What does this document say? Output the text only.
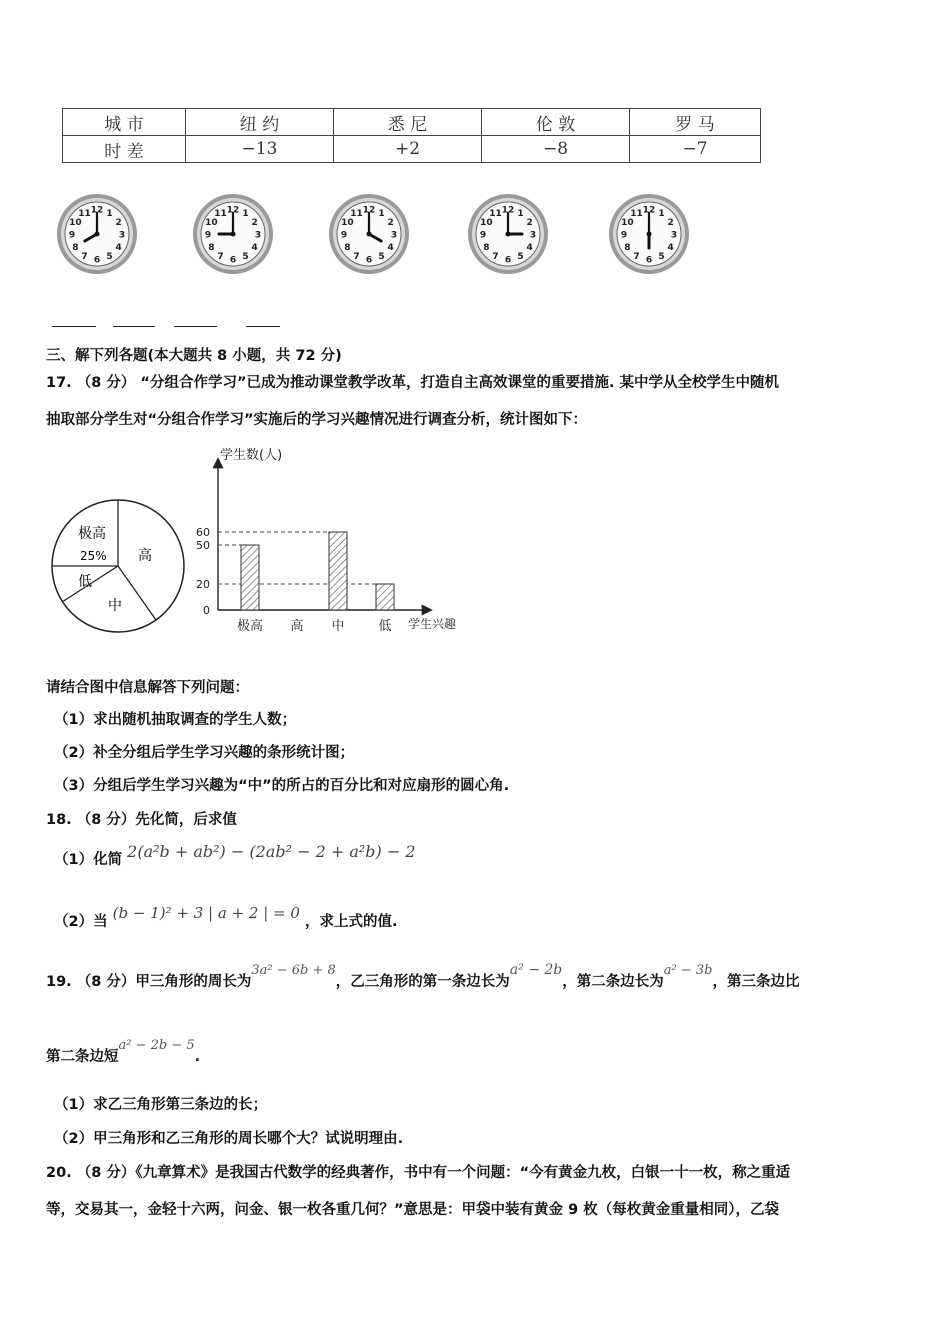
城 市	纽 约	悉 尼	伦 敦	罗 马
时 差	−13	+2	−8	−7
12 1
2
3
4
5
6
7
8
9
10
11	12 1
2
3
4
5
6
7
8
9
10
11	12 1
2
3
4
5
6
7
8
9
10
11	12 1
2
3
4
5
6
7
8
9
10
11	12 1
2
3
4
5
6
7
8
9
10
11
三、解下列各题(本大题共 8 小题，共 72 分)
17. （8 分） “分组合作学习”已成为推动课堂教学改革，打造自主高效课堂的重要措施. 某中学从全校学生中随机
抽取部分学生对“分组合作学习”实施后的学习兴趣情况进行调查分析，统计图如下：
极高
25% 高
低
中
学生数(人)
学生兴趣
0
20
50
60
极高 高 中	低
请结合图中信息解答下列问题：
（1）求出随机抽取调查的学生人数；
（2）补全分组后学生学习兴趣的条形统计图；
（3）分组后学生学习兴趣为“中”的所占的百分比和对应扇形的圆心角.
18. （8 分）先化简，后求值
（1）化简 2(a²b + ab²) − (2ab² − 2 + a²b) − 2
（2）当 (b − 1)² + 3 | a + 2 | = 0 ，求上式的值.
19. （8 分）甲三角形的周长为3a² − 6b + 8，乙三角形的第一条边长为a² − 2b，第二条边长为a² − 3b，第三条边比
第二条边短a² − 2b − 5.
（1）求乙三角形第三条边的长；
（2）甲三角形和乙三角形的周长哪个大？试说明理由.
20. （8 分）《九章算术》是我国古代数学的经典著作，书中有一个问题：“今有黄金九枚，白银一十一枚，称之重适
等，交易其一，金轻十六两，问金、银一枚各重几何？”意思是：甲袋中装有黄金 9 枚（每枚黄金重量相同），乙袋
